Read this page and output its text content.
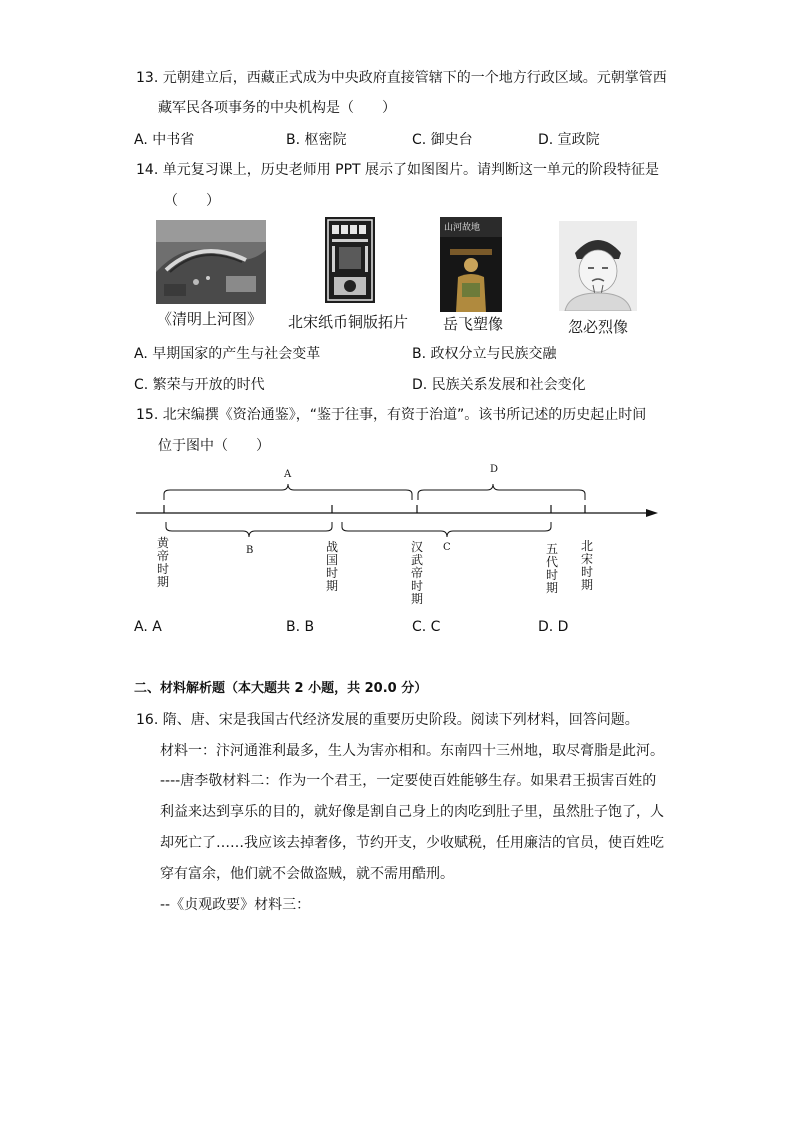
13. 元朝建立后，西藏正式成为中央政府直接管辖下的一个地方行政区域。元朝掌管西
藏军民各项事务的中央机构是（　　）
A. 中书省	B. 枢密院	C. 御史台	D. 宣政院
14. 单元复习课上，历史老师用 PPT 展示了如图图片。请判断这一单元的阶段特征是
（　　）
山河故地
《清明上河图》 北宋纸币铜版拓片 岳飞塑像	忽必烈像
A. 早期国家的产生与社会变革	B. 政权分立与民族交融
C. 繁荣与开放的时代	D. 民族关系发展和社会变化
15. 北宋编撰《资治通鉴》，“鉴于往事，有资于治道”。该书所记述的历史起止时间
位于图中（　　）
A	D
B	C
黄帝时期
战国时期
汉武帝时期
五代时期
北宋时期
A. A	B. B	C. C	D. D
二、材料解析题（本大题共 2 小题，共 20.0 分）
16. 隋、唐、宋是我国古代经济发展的重要历史阶段。阅读下列材料，回答问题。
材料一：汴河通淮利最多，生人为害亦相和。东南四十三州地，取尽膏脂是此河。
----唐李敬材料二：作为一个君王，一定要使百姓能够生存。如果君王损害百姓的
利益来达到享乐的目的，就好像是割自己身上的肉吃到肚子里，虽然肚子饱了，人
却死亡了……我应该去掉奢侈，节约开支，少收赋税，任用廉洁的官员，使百姓吃
穿有富余，他们就不会做盗贼，就不需用酷刑。
--《贞观政要》材料三：
